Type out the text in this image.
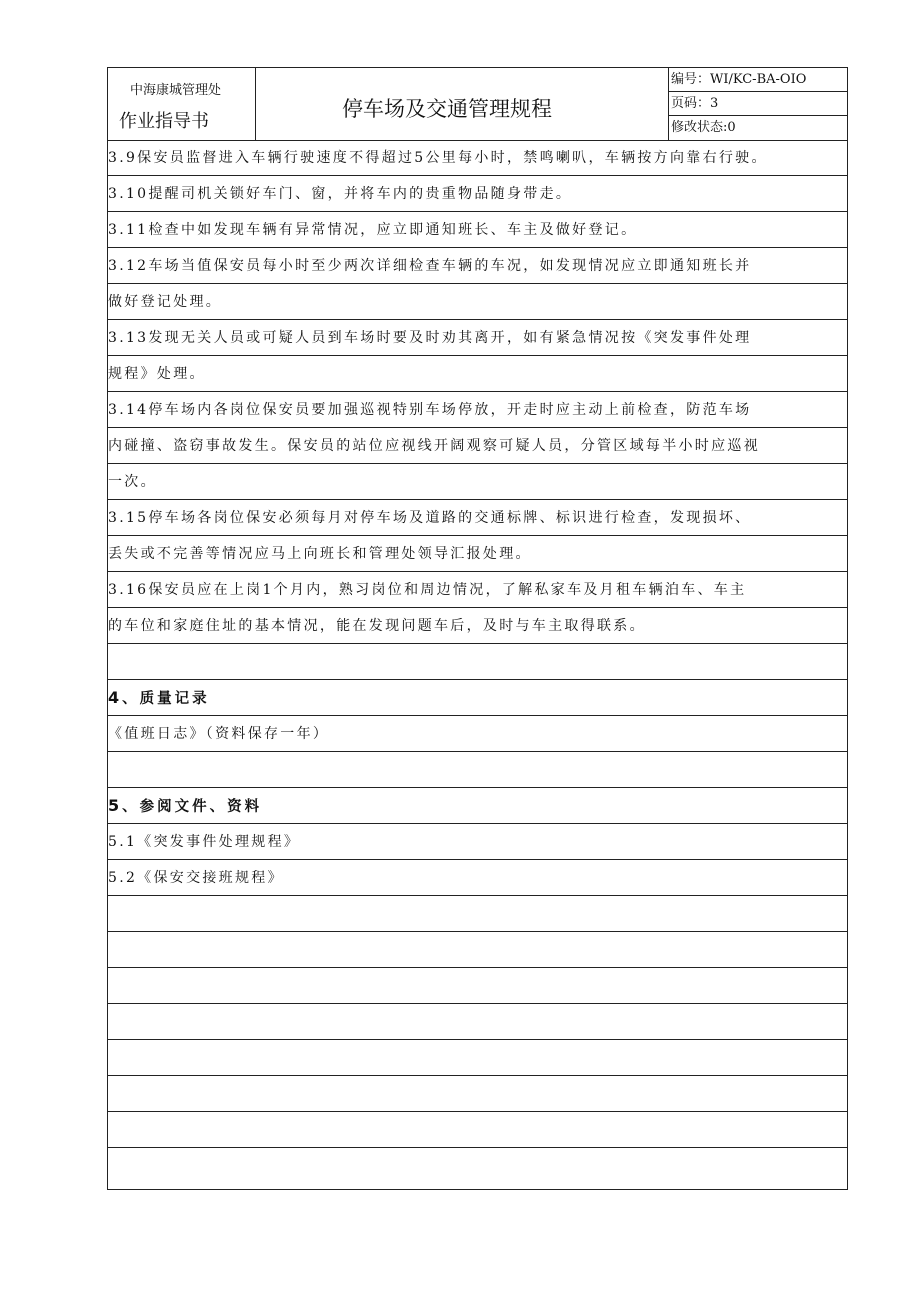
中海康城管理处
作业指导书
停车场及交通管理规程
编号：WI/KC-BA-OIO
页码：3
修改状态:0
3.9保安员监督进入车辆行驶速度不得超过5公里每小时，禁鸣喇叭，车辆按方向靠右行驶。
3.10提醒司机关锁好车门、窗，并将车内的贵重物品随身带走。
3.11检查中如发现车辆有异常情况，应立即通知班长、车主及做好登记。
3.12车场当值保安员每小时至少两次详细检查车辆的车况，如发现情况应立即通知班长并
做好登记处理。
3.13发现无关人员或可疑人员到车场时要及时劝其离开，如有紧急情况按《突发事件处理
规程》处理。
3.14停车场内各岗位保安员要加强巡视特别车场停放，开走时应主动上前检查，防范车场
内碰撞、盗窃事故发生。保安员的站位应视线开阔观察可疑人员，分管区域每半小时应巡视
一次。
3.15停车场各岗位保安必须每月对停车场及道路的交通标牌、标识进行检查，发现损坏、
丢失或不完善等情况应马上向班长和管理处领导汇报处理。
3.16保安员应在上岗1个月内，熟习岗位和周边情况，了解私家车及月租车辆泊车、车主
的车位和家庭住址的基本情况，能在发现问题车后，及时与车主取得联系。
4、质量记录
《值班日志》（资料保存一年）
5、参阅文件、资料
5.1《突发事件处理规程》
5.2《保安交接班规程》
